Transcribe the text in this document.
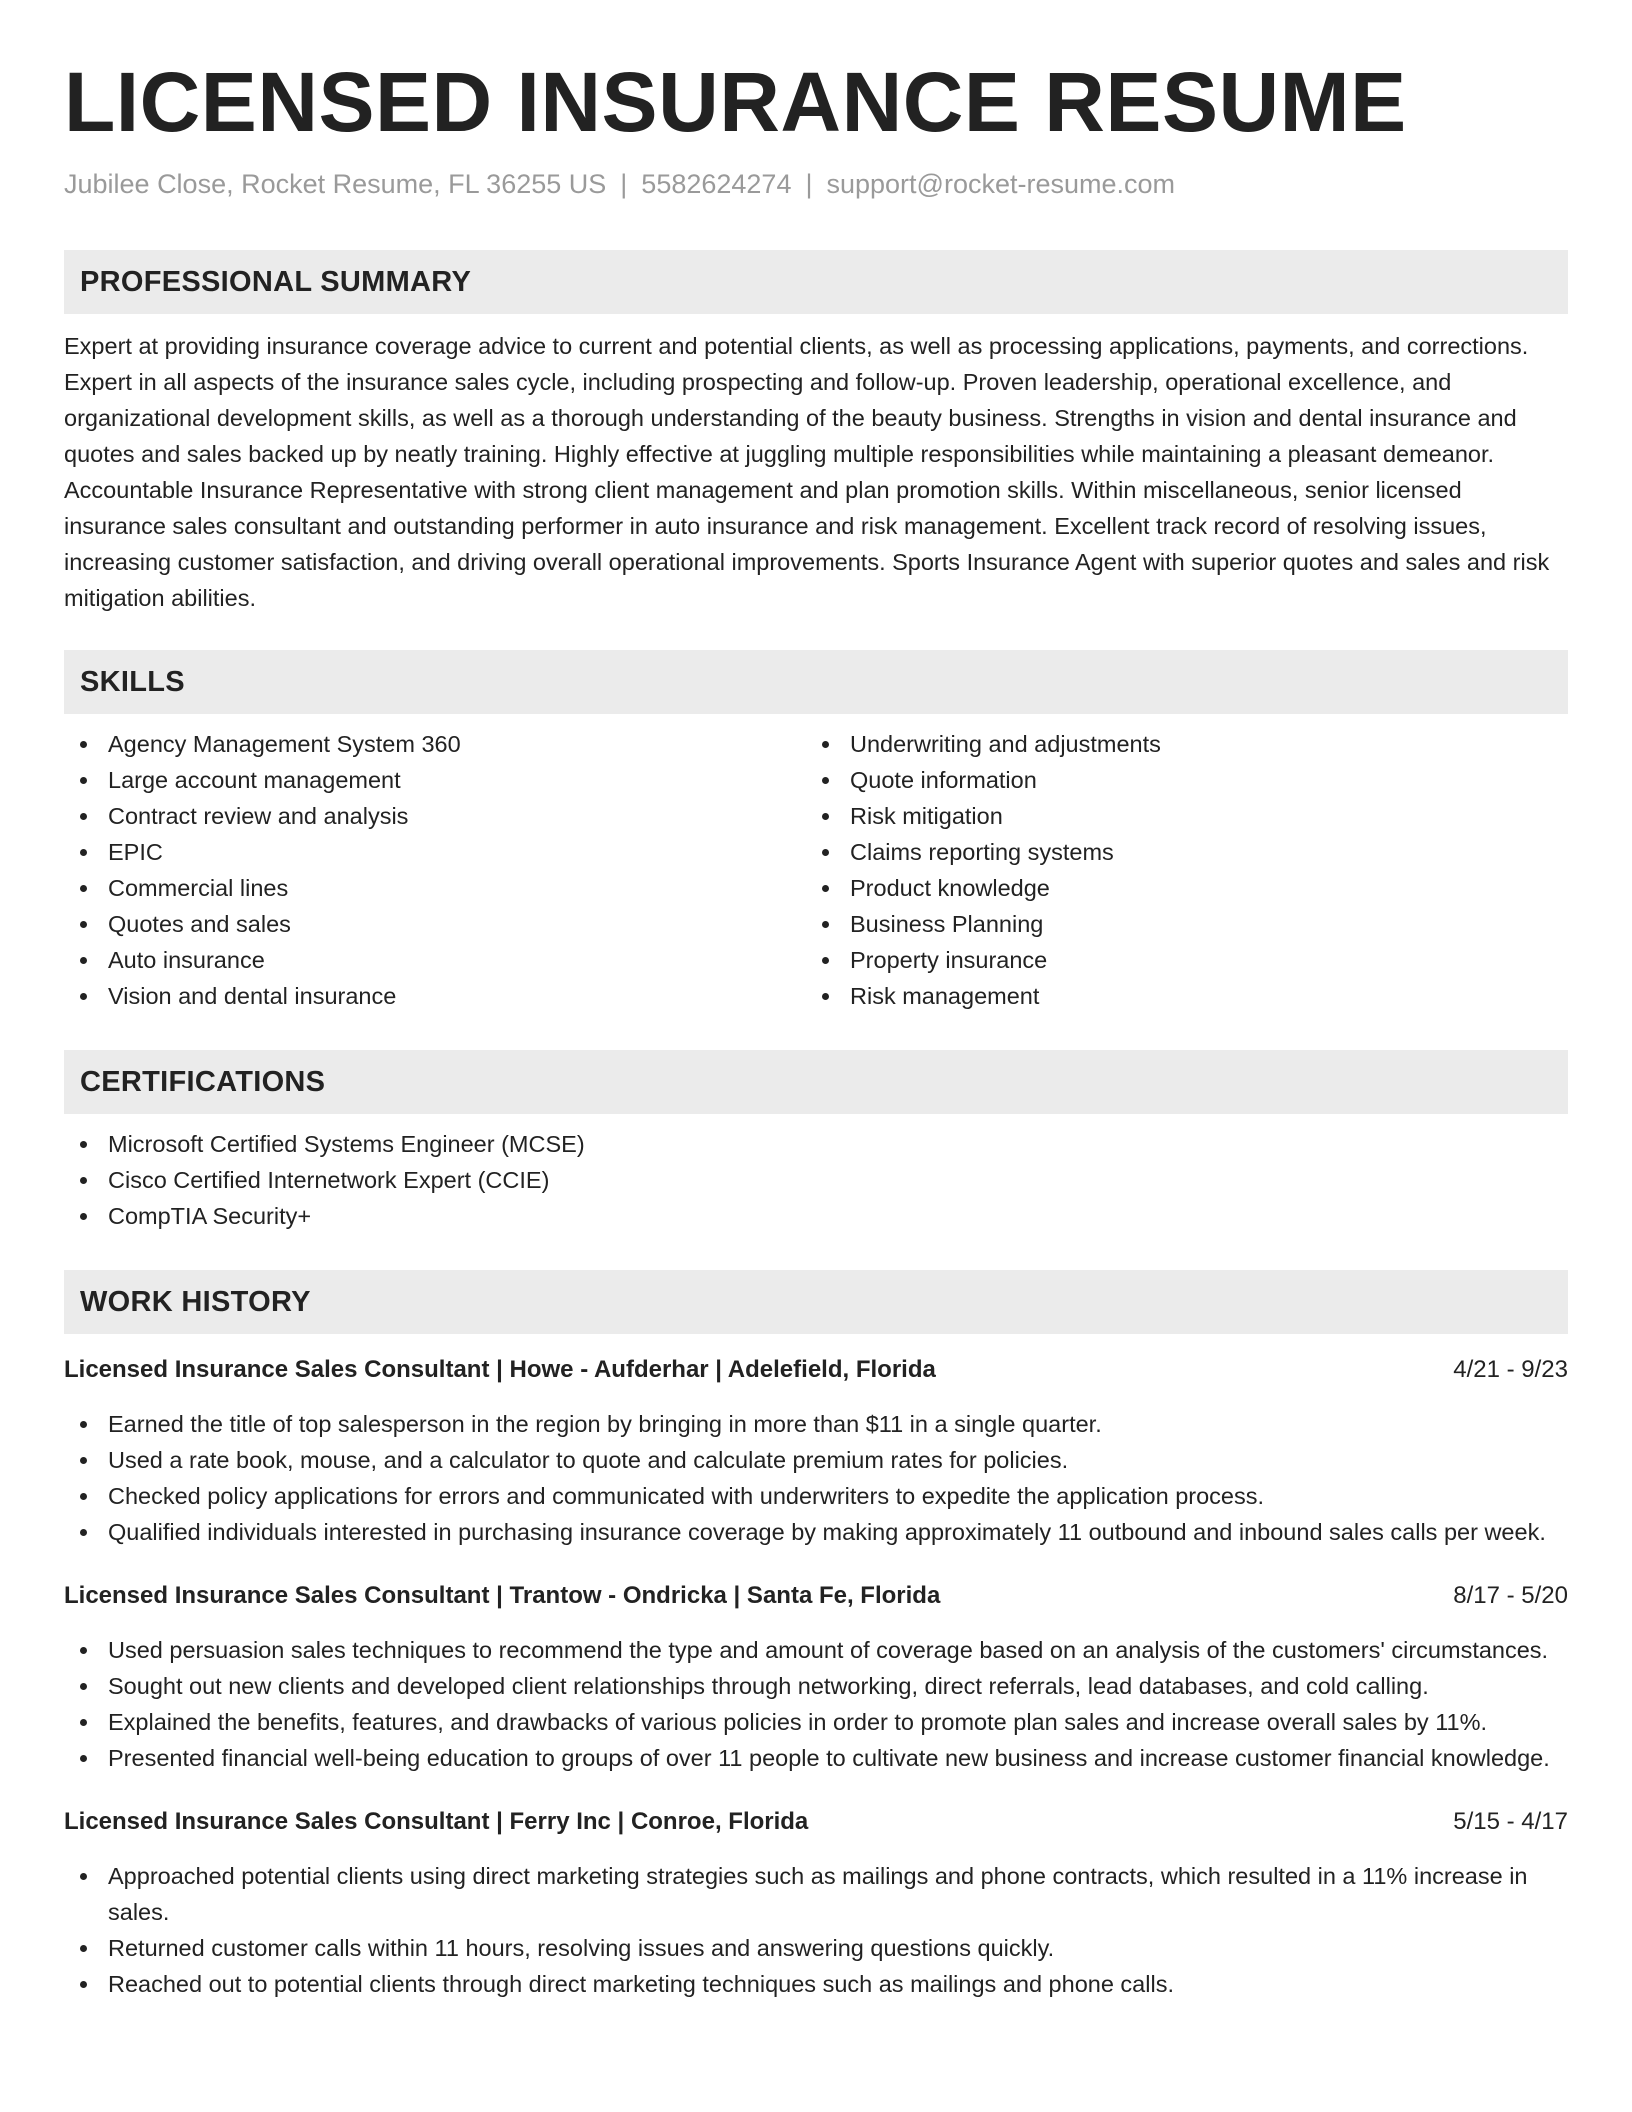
LICENSED INSURANCE RESUME
Jubilee Close, Rocket Resume, FL 36255 US | 5582624274 | support@rocket-resume.com
PROFESSIONAL SUMMARY

Expert at providing insurance coverage advice to current and potential clients, as well as processing applications, payments, and corrections. Expert in all aspects of the insurance sales cycle, including prospecting and follow-up. Proven leadership, operational excellence, and organizational development skills, as well as a thorough understanding of the beauty business. Strengths in vision and dental insurance and quotes and sales backed up by neatly training. Highly effective at juggling multiple responsibilities while maintaining a pleasant demeanor. Accountable Insurance Representative with strong client management and plan promotion skills. Within miscellaneous, senior licensed insurance sales consultant and outstanding performer in auto insurance and risk management. Excellent track record of resolving issues, increasing customer satisfaction, and driving overall operational improvements. Sports Insurance Agent with superior quotes and sales and risk mitigation abilities.

SKILLS
Agency Management System 360
Large account management
Contract review and analysis
EPIC
Commercial lines
Quotes and sales
Auto insurance
Vision and dental insurance
Underwriting and adjustments
Quote information
Risk mitigation
Claims reporting systems
Product knowledge
Business Planning
Property insurance
Risk management
CERTIFICATIONS
Microsoft Certified Systems Engineer (MCSE)
Cisco Certified Internetwork Expert (CCIE)
CompTIA Security+
WORK HISTORY
Licensed Insurance Sales Consultant | Howe - Aufderhar | Adelefield, Florida	4/21 - 9/23
Earned the title of top salesperson in the region by bringing in more than $11 in a single quarter.
Used a rate book, mouse, and a calculator to quote and calculate premium rates for policies.
Checked policy applications for errors and communicated with underwriters to expedite the application process.
Qualified individuals interested in purchasing insurance coverage by making approximately 11 outbound and inbound sales calls per week.
Licensed Insurance Sales Consultant | Trantow - Ondricka | Santa Fe, Florida	8/17 - 5/20
Used persuasion sales techniques to recommend the type and amount of coverage based on an analysis of the customers' circumstances.
Sought out new clients and developed client relationships through networking, direct referrals, lead databases, and cold calling.
Explained the benefits, features, and drawbacks of various policies in order to promote plan sales and increase overall sales by 11%.
Presented financial well-being education to groups of over 11 people to cultivate new business and increase customer financial knowledge.
Licensed Insurance Sales Consultant | Ferry Inc | Conroe, Florida	5/15 - 4/17
Approached potential clients using direct marketing strategies such as mailings and phone contracts, which resulted in a 11% increase in sales.
Returned customer calls within 11 hours, resolving issues and answering questions quickly.
Reached out to potential clients through direct marketing techniques such as mailings and phone calls.
